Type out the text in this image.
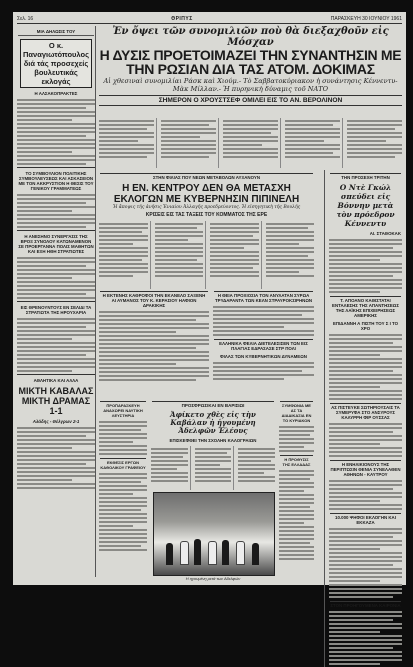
Σελ. 16	ΘΡΙΠΥΣ	ΠΑΡΑΣΚΕΥΗ 30 ΙΟΥΝΙΟΥ 1961
ΜΙΑ ΔΗΛΩΣΙΣ ΤΟΥ
Ο κ. Παναγιωτόπουλος διά τάς προσεχείς βουλευτικάς εκλογάς
Η ΑΛΣΑΚΟΠΡΑΚΤΕΣ
ΤΟ ΣΥΜΒΟΥΛΙΟΝ ΠΟΛΙΤΙΚΗΣ ΣΥΜΒΟΥΛΕΥΣΕΩΣ ΚΑΙ ΑΣΚΑΣΕΙΟΝ ΜΕ ΤΟΝ ΑΚΚΡΥΣΤΙΟΝ Η ΘΕΣΙΣ ΤΟΥ ΓΕΝΙΚΟΥ ΓΡΑΜΜΑΤΕΩΣ
Η ΑΝΕΣΗΝΟ ΣΥΝΕΡΓΑΣΙΣ ΤΗΣ ΒΡΟΞ ΣΥΝΟΛΟΥ ΚΑΤΩΝΑΜΕΝΟΝ ΣΕ ΠΡΟΕΡΓΑΝΝΑ ΠΟΛΙΣ ΜΑΘΗΤΩΝ ΚΑΙ ΕΞΗ ΗΘΗ ΣΤΡΑΤΙΩΤΕΣ
ΕΙΣ ΘΡΕΝΟΥΝΤΟΥΣ ΕΝ ΣΕΛΙΔΙ ΤΑ ΣΤΡΑΤΙΩΤΑ ΤΗΣ ΗΡΟΥΧΑΡΙΑ
ΑΘΛΗΤΙΚΑ ΚΑΙ ΑΛΛΑ
ΜΙΚΤΗ ΚΑΒΑΛΑΣ ΜΙΚΤΗ ΔΡΑΜΑΣ 1-1
Αλάδης - Θέλγρων 2-1
Ἐν ὄψει τῶν συνομιλιῶν ποὺ θὰ διεξαχθοῦν εἰς Μόσχαν
Η ΔΥΣΙΣ ΠΡΟΕΤΟΙΜΑΖΕΙ ΤΗΝ ΣΥΝΑΝΤΗΣΙΝ ΜΕ ΤΗΝ ΡΩΣΙΑΝ ΔΙΑ ΤΑΣ ΑΤΟΜ. ΔΟΚΙΜΑΣ
Αἱ χθεσιναὶ συνομιλίαι Ράσκ καὶ Χιούμ.- Τὸ Σαββατοκύριακον ἡ συνάντησις Κέννεντυ-Μὰκ Μίλλαν.- Ἡ πυρηνικὴ δύναμις τοῦ ΝΑΤΟ
ΣΗΜΕΡΟΝ Ο ΧΡΟΥΣΤΣΕΦ ΟΜΙΛΕΙ ΕΙΣ ΤΟ ΑΝ. ΒΕΡΟΛΙΝΟΝ
ΣΤΗΝ ΦΙΛΙΑΣ ΠΟΥ ΝΕΩΝ ΜΕΤΑΒΟΛΩΝ ΑΥΞΑΝΟΥΝ
Η ΕΝ. ΚΕΝΤΡΟΥ ΔΕΝ ΘΑ ΜΕΤΑΣΧΗ ΕΚΛΟΓΩΝ ΜΕ ΚΥΒΕΡΝΗΣΙΝ ΠΙΠΙΝΕΛΗ
Ἡ ἄποψις τῆς ἀνῆσις Ἐνιαίου Ἀλλαγῆς προεδρεύοντος. Ἡ εἰσηγητικὴ τῆς Βουλῆς
ΚΡΙΣΕΙΣ ΕΙΣ ΤΑΣ ΤΑΞΕΙΣ ΤΟΥ ΚΟΜΜΑΤΟΣ ΤΗΣ ΕΡΕ
Η ΕΚΤΕΝΗΣ ΚΑΘΡΟΦΟΙ ΤΗΝ ΕΚΑΝΕΛΟ ΣΑΞΕΝΗ ΑΙ ΑΥΜΑΝΟΣ ΤΟΥ Κ. ΚΕΡΑΣΙΟΥ ΗΑΦΙΟΝ ΔΡΑΚΙΚΗΣ
Η ΘΕΙΑ ΠΡΟΧΙΟΣΙΑ ΤΟΝ ΑΝΥΛΑΤΑΝ ΣΥΡΩΑ ΤΡΥΔΑΡΑΝΤΑ ΤΩΝ ΚΕΛΝ ΣΤΡΑΥΡΟΚΣΙΡΗΝΩΝ
ΕΛΛΗΝΙΚΑ ΦΕΛΙΑ ΔΙΕΤΕΛΕΣΙΣΕΝ ΤΩΝ ΕΙΣ ΠΛΑΓΙΑΣ ΕΔΡΑΣΑΣΕ ΣΤΡ ΠΟΛΙ
ΦΙΛΑΣ ΤΩΝ ΚΥΒΕΡΝΗΤΙΚΩΝ ΔΥΝΑΜΕΩΝ
ΠΡΟΠΑΡΑΣΚΕΥΗ ΑΝΑΧΩΡΕΙ ΝΑΥΤΙΚΗ ΛΕΥΣΤΗΡΙΑ
ΕΚΘΕΣΙΣ ΕΡΓΩΝ ΚΑΘΟΛΙΚΟΥ ΓΡΑΦΕΙΟΥ
ΠΡΟΣΦΡΩΣΙΚΑΙ ΕΝ ΒΑΡΙΣΙΩΙ
Ἀφίκετο χθὲς εἰς τὴν Καβάλαν ἡ ἡγουμένη Ἀδελφῶν Ἐλέους
ΕΠΙΣΚΕΦΘΕΙ ΤΗΝ ΣΧΟΛΗΝ ΚΑΛΟΓΡΑΙΩΝ
Η ηγουμένη μετά των Αδελφών
ΣΥΜΦΩΝΙΑ ΜΕ ΑΣ ΤΑ ΔΙΑΔΙΚΑΣΙΑ ΕΝ ΤΟ ΚΥΡΙΑΚΟΝ
Η ΠΡΟΘΥΣΙΣ ΤΗΣ ΕΛΛΑΔΑΣ
ΤΗΝ ΠΡΟΣΕΧΗ ΤΡΙΤΗΝ
Ο Ντὲ Γκώλ σπεύδει εἰς Βόννην μετὰ τὸν πρόεδρον Κέννεντυ
ΑΙ. ΣΤΑΘΟΚΑΚ
Τ. ΑΠΟΑΝΟ ΚΑΘΙΣΤΑΤΑΙ ΕΝΤΑΛΕΣΗΣ ΤΗΣ ΑΠΑΝΤΗΣΕΩΣ ΤΗΣ ΛΑΪΚΗΣ ΕΠΙΧΕΙΡΗΣΕΩΣ ΑΜΕΡΙΚΗΣ
ΕΠΙΔΑΝΝΗ Α ΠΙΣΤΗ ΤΟΥ Σ Ι ΤΟ ΧΡΟ
ΑΣ ΠΙΣΤΕΥΚΕ ΣΩΤΗΡΙΟΥΣΑΙΣ ΤΑ ΣΥΜΕΡΥΦΑ ΣΤΟ ΑΝΣΥΡΟΥΣ ΚΑΛΥΡΡΗ ΦΙΡ ΟΥΣΣΑΣ
Η ΕΝΗΛΙΚΙΟΝΟΥΣ ΤΗΣ ΠΕΡΙΠΤΩΣΙΝ ΘΕΝΙΑ ΣΥΝΕΛΑΘΕΝ ΑΘΗΝΩΝ - ΚΑΥΤΡΟΥ
10.000 ΨΗΦΟΙ ΕΚΛΟΓΗΝ ΚΑΙ ΕΚΚΑΖΑ
ΣΤΟΝ ΠΡΟΗΓΟΥΜΕΝΑ ΚΑΙΡΟΝΙΑ
